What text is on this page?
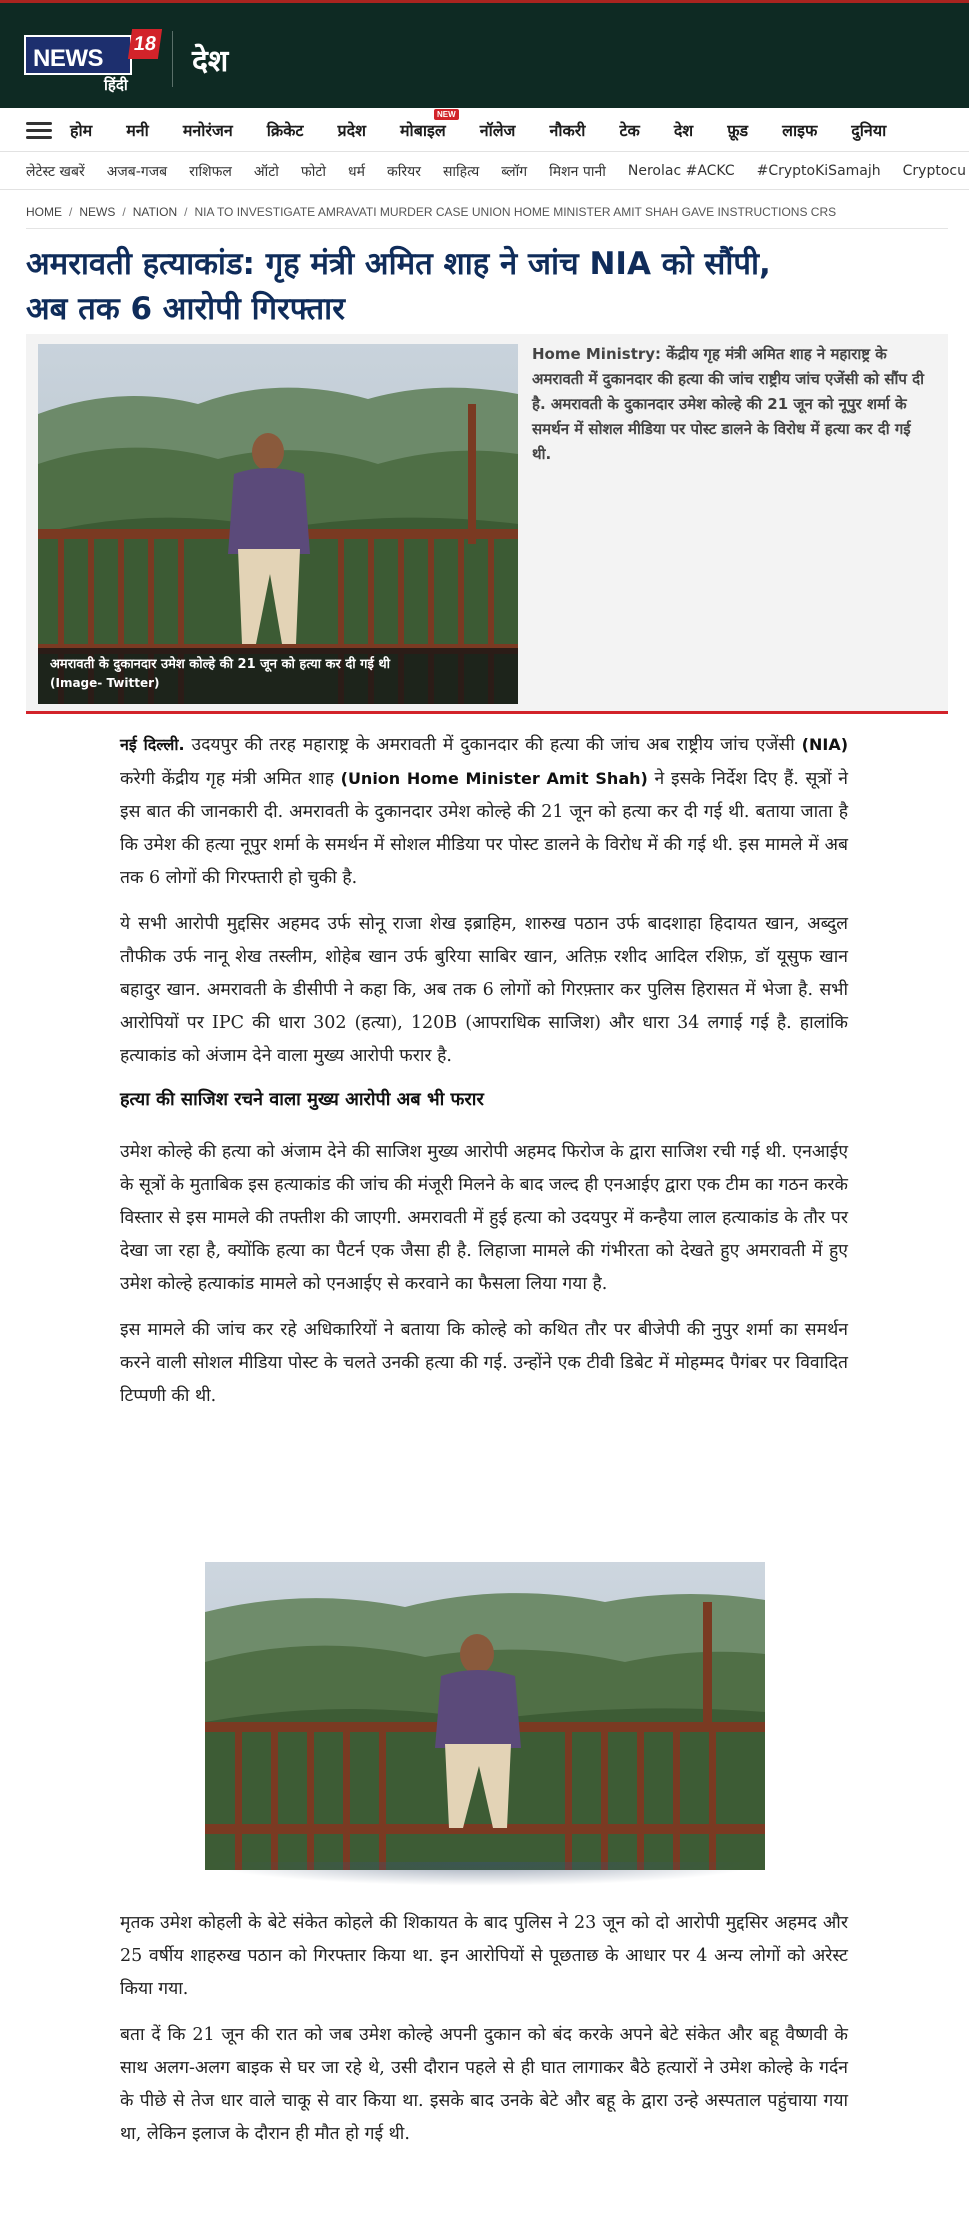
NEWS
18
हिंदी
देश
होम मनी मनोरंजन क्रिकेट प्रदेश मोबाइल
NEW
नॉलेज नौकरी टेक देश फ़ूड लाइफ दुनिया
लेटेस्ट खबरें अजब-गजब राशिफल ऑटो फोटो धर्म करियर साहित्य ब्लॉग मिशन पानी Nerolac #ACKC #CryptoKiSamajh Cryptocu
HOME / NEWS / NATION / NIA TO INVESTIGATE AMRAVATI MURDER CASE UNION HOME MINISTER AMIT SHAH GAVE INSTRUCTIONS CRS
अमरावती हत्याकांड: गृह मंत्री अमित शाह ने जांच NIA को सौंपी,
अब तक 6 आरोपी गिरफ्तार
अमरावती के दुकानदार उमेश कोल्हे की 21 जून को हत्या कर दी गई थी
(Image- Twitter)
Home Ministry: केंद्रीय गृह मंत्री अमित शाह ने महाराष्ट्र के अमरावती में दुकानदार की हत्या की जांच राष्ट्रीय जांच एजेंसी को सौंप दी है. अमरावती के दुकानदार उमेश कोल्हे की 21 जून को नूपुर शर्मा के समर्थन में सोशल मीडिया पर पोस्ट डालने के विरोध में हत्या कर दी गई थी.

नई दिल्ली. उदयपुर की तरह महाराष्ट्र के अमरावती में दुकानदार की हत्या की जांच अब राष्ट्रीय जांच एजेंसी (NIA) करेगी केंद्रीय गृह मंत्री अमित शाह (Union Home Minister Amit Shah) ने इसके निर्देश दिए हैं. सूत्रों ने इस बात की जानकारी दी. अमरावती के दुकानदार उमेश कोल्हे की 21 जून को हत्या कर दी गई थी. बताया जाता है कि उमेश की हत्या नूपुर शर्मा के समर्थन में सोशल मीडिया पर पोस्ट डालने के विरोध में की गई थी. इस मामले में अब तक 6 लोगों की गिरफ्तारी हो चुकी है.

ये सभी आरोपी मुद्दसिर अहमद उर्फ सोनू राजा शेख इब्राहिम, शारुख पठान उर्फ बादशाहा हिदायत खान, अब्दुल तौफीक उर्फ नानू शेख तस्लीम, शोहेब खान उर्फ बुरिया साबिर खान, अतिफ़ रशीद आदिल रशिफ़, डॉ यूसुफ खान बहादुर खान. अमरावती के डीसीपी ने कहा कि, अब तक 6 लोगों को गिरफ़्तार कर पुलिस हिरासत में भेजा है. सभी आरोपियों पर IPC की धारा 302 (हत्या), 120B (आपराधिक साजिश) और धारा 34 लगाई गई है. हालांकि हत्याकांड को अंजाम देने वाला मुख्य आरोपी फरार है.

हत्या की साजिश रचने वाला मुख्य आरोपी अब भी फरार

उमेश कोल्हे की हत्या को अंजाम देने की साजिश मुख्य आरोपी अहमद फिरोज के द्वारा साजिश रची गई थी. एनआईए के सूत्रों के मुताबिक इस हत्याकांड की जांच की मंजूरी मिलने के बाद जल्द ही एनआईए द्वारा एक टीम का गठन करके विस्तार से इस मामले की तफ्तीश की जाएगी. अमरावती में हुई हत्या को उदयपुर में कन्हैया लाल हत्याकांड के तौर पर देखा जा रहा है, क्योंकि हत्या का पैटर्न एक जैसा ही है. लिहाजा मामले की गंभीरता को देखते हुए अमरावती में हुए उमेश कोल्हे हत्याकांड मामले को एनआईए से करवाने का फैसला लिया गया है.

इस मामले की जांच कर रहे अधिकारियों ने बताया कि कोल्हे को कथित तौर पर बीजेपी की नुपुर शर्मा का समर्थन करने वाली सोशल मीडिया पोस्ट के चलते उनकी हत्या की गई. उन्होंने एक टीवी डिबेट में मोहम्मद पैगंबर पर विवादित टिप्पणी की थी.

मृतक उमेश कोहली के बेटे संकेत कोहले की शिकायत के बाद पुलिस ने 23 जून को दो आरोपी मुद्दसिर अहमद और 25 वर्षीय शाहरुख पठान को गिरफ्तार किया था. इन आरोपियों से पूछताछ के आधार पर 4 अन्य लोगों को अरेस्ट किया गया.

बता दें कि 21 जून की रात को जब उमेश कोल्हे अपनी दुकान को बंद करके अपने बेटे संकेत और बहू वैष्णवी के साथ अलग-अलग बाइक से घर जा रहे थे, उसी दौरान पहले से ही घात लागाकर बैठे हत्यारों ने उमेश कोल्हे के गर्दन के पीछे से तेज धार वाले चाकू से वार किया था. इसके बाद उनके बेटे और बहू के द्वारा उन्हे अस्पताल पहुंचाया गया था, लेकिन इलाज के दौरान ही मौत हो गई थी.
